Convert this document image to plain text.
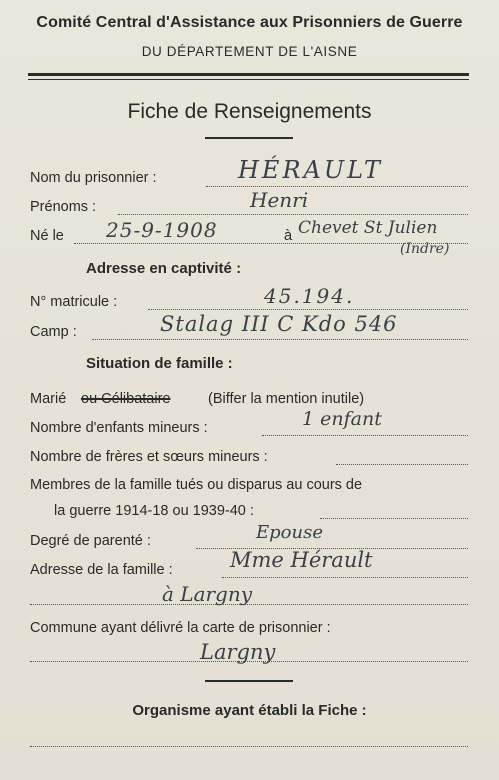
Comité Central d'Assistance aux Prisonniers de Guerre
DU DÉPARTEMENT DE L'AISNE
Fiche de Renseignements
Nom du prisonnier :	HÉRAULT
Prénoms :	Henri
Né le 25-9-1908	à Chevet St Julien
(Indre)
Adresse en captivité :
N° matricule :	45.194.
Camp :	Stalag III C Kdo 546
Situation de famille :
Marié ou Célibataire	(Biffer la mention inutile)
Nombre d'enfants mineurs :	1 enfant
Nombre de frères et sœurs mineurs :
Membres de la famille tués ou disparus au cours de
la guerre 1914-18 ou 1939-40 :
Degré de parenté :	Epouse
Adresse de la famille :	Mme Hérault
à Largny
Commune ayant délivré la carte de prisonnier :
Largny
Organisme ayant établi la Fiche :
